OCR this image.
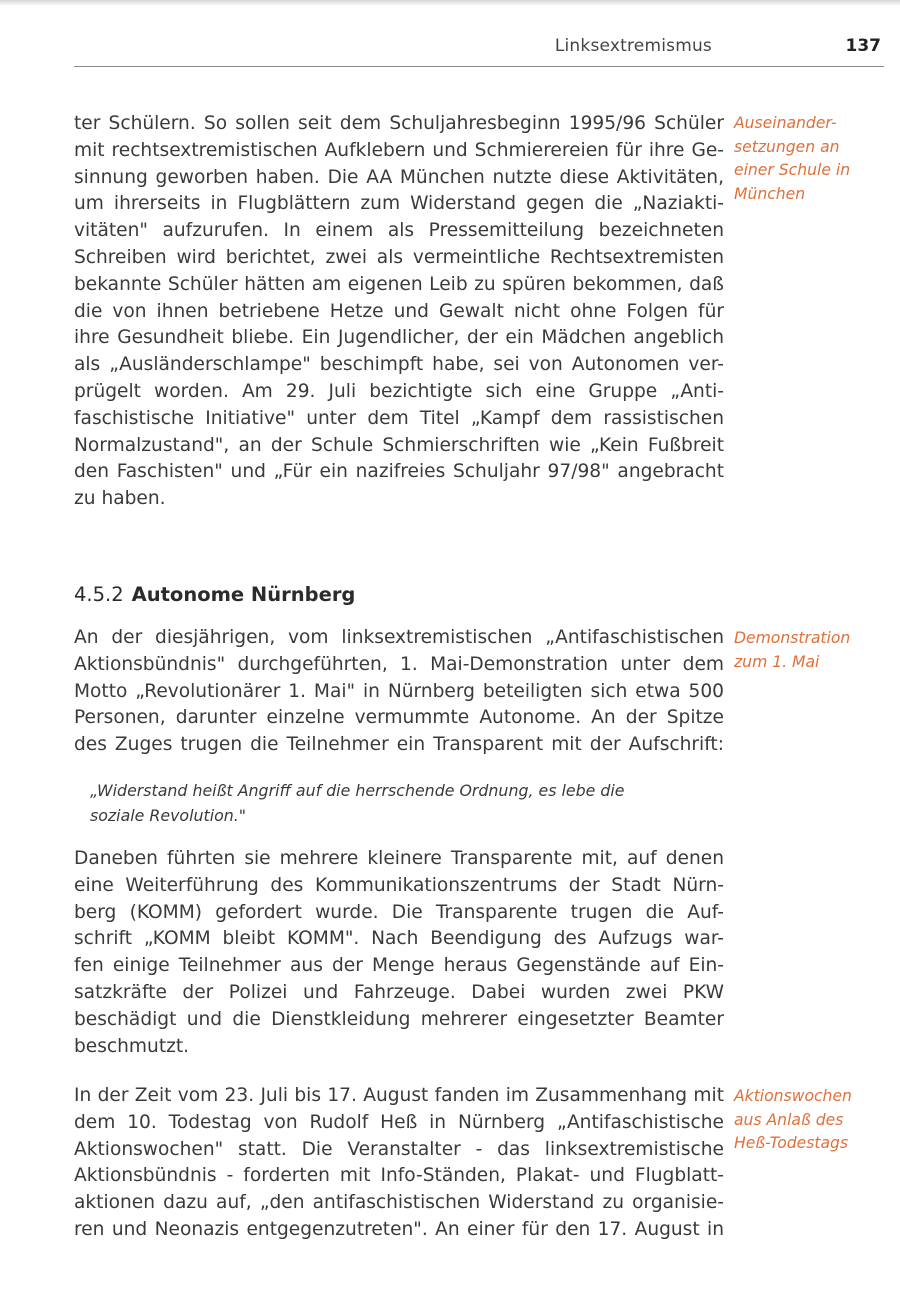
Linksextremismus	137
ter Schülern. So sollen seit dem Schuljahresbeginn 1995/96 Schüler
mit rechtsextremistischen Aufklebern und Schmierereien für ihre Ge-
sinnung geworben haben. Die AA München nutzte diese Aktivitäten,
um ihrerseits in Flugblättern zum Widerstand gegen die „Naziakti-
vitäten" aufzurufen. In einem als Pressemitteilung bezeichneten
Schreiben wird berichtet, zwei als vermeintliche Rechtsextremisten
bekannte Schüler hätten am eigenen Leib zu spüren bekommen, daß
die von ihnen betriebene Hetze und Gewalt nicht ohne Folgen für
ihre Gesundheit bliebe. Ein Jugendlicher, der ein Mädchen angeblich
als „Ausländerschlampe" beschimpft habe, sei von Autonomen ver-
prügelt worden. Am 29. Juli bezichtigte sich eine Gruppe „Anti-
faschistische Initiative" unter dem Titel „Kampf dem rassistischen
Normalzustand", an der Schule Schmierschriften wie „Kein Fußbreit
den Faschisten" und „Für ein nazifreies Schuljahr 97/98" angebracht
zu haben.
Auseinander-
setzungen an
einer Schule in
München
4.5.2 Autonome Nürnberg
An der diesjährigen, vom linksextremistischen „Antifaschistischen
Aktionsbündnis" durchgeführten, 1. Mai-Demonstration unter dem
Motto „Revolutionärer 1. Mai" in Nürnberg beteiligten sich etwa 500
Personen, darunter einzelne vermummte Autonome. An der Spitze
des Zuges trugen die Teilnehmer ein Transparent mit der Aufschrift:
Demonstration
zum 1. Mai
„Widerstand heißt Angriff auf die herrschende Ordnung, es lebe die
soziale Revolution."
Daneben führten sie mehrere kleinere Transparente mit, auf denen
eine Weiterführung des Kommunikationszentrums der Stadt Nürn-
berg (KOMM) gefordert wurde. Die Transparente trugen die Auf-
schrift „KOMM bleibt KOMM". Nach Beendigung des Aufzugs war-
fen einige Teilnehmer aus der Menge heraus Gegenstände auf Ein-
satzkräfte der Polizei und Fahrzeuge. Dabei wurden zwei PKW
beschädigt und die Dienstkleidung mehrerer eingesetzter Beamter
beschmutzt.
In der Zeit vom 23. Juli bis 17. August fanden im Zusammenhang mit
dem 10. Todestag von Rudolf Heß in Nürnberg „Antifaschistische
Aktionswochen" statt. Die Veranstalter - das linksextremistische
Aktionsbündnis - forderten mit Info-Ständen, Plakat- und Flugblatt-
aktionen dazu auf, „den antifaschistischen Widerstand zu organisie-
ren und Neonazis entgegenzutreten". An einer für den 17. August in
Aktionswochen
aus Anlaß des
Heß-Todestags
